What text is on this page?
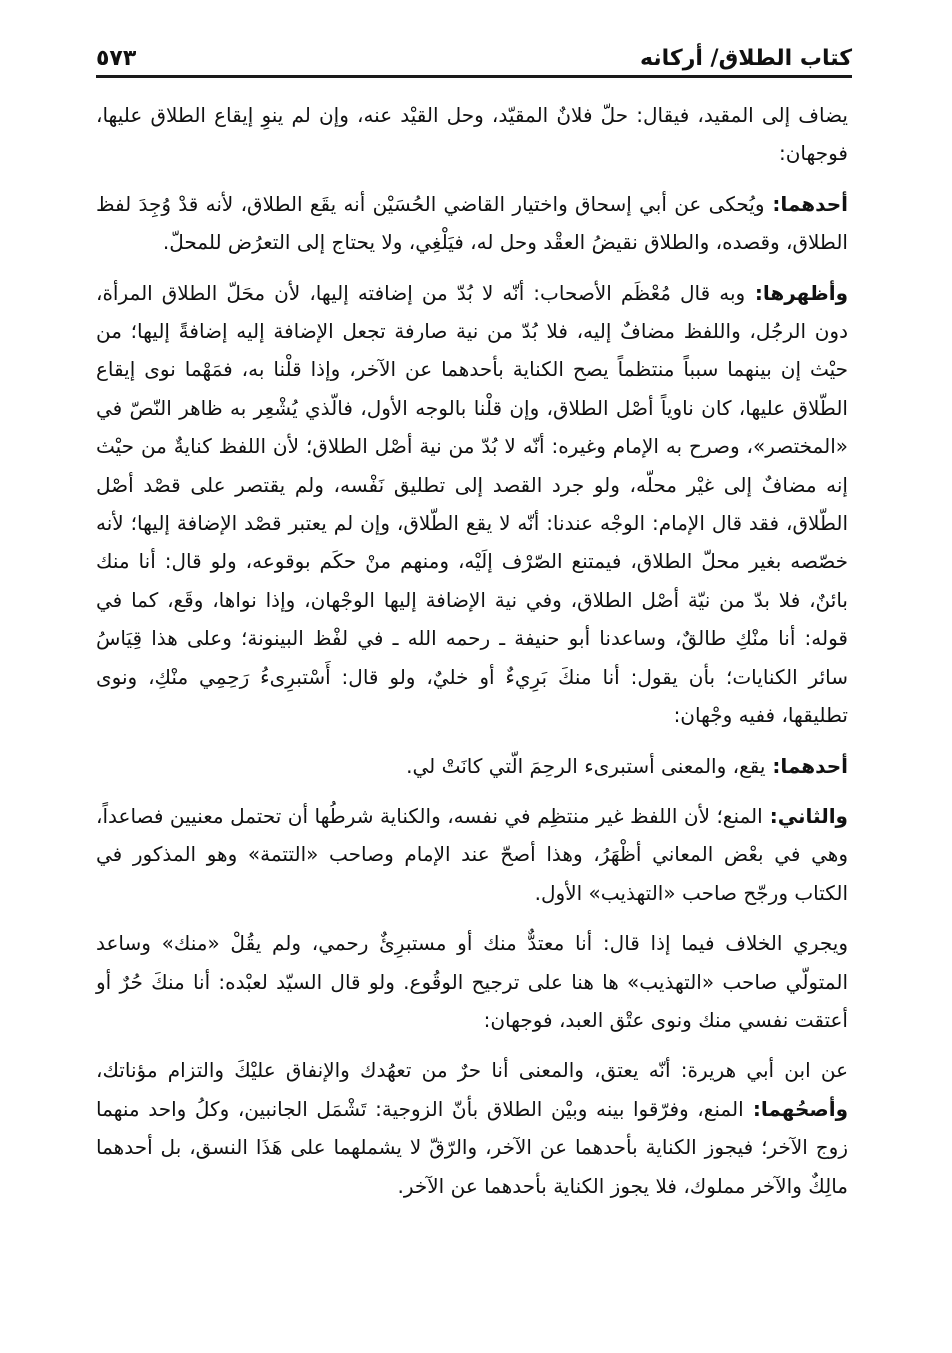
كتاب الطلاق/ أركانه
٥٧٣

يضاف إلى المقيد، فيقال: حلّ فلانٌ المقيّد، وحل القيْد عنه، وإن لم ينوِ إيقاع الطلاق عليها، فوجهان:

أحدهما: ويُحكى عن أبي إسحاق واختيار القاضي الحُسَيْن أنه يقَع الطلاق، لأنه قدْ وُجِدَ لفظ الطلاق، وقصده، والطلاق نقيضُ العقْد وحل له، فيَلْغِي، ولا يحتاج إلى التعرُض للمحلّ.

وأظهرها: وبه قال مُعْظَم الأصحاب: أنّه لا بُدّ من إضافته إليها، لأن محَلّ الطلاق المرأة، دون الرجُل، واللفظ مضافٌ إليه، فلا بُدّ من نية صارفة تجعل الإضافة إليه إضافةً إليها؛ من حيْث إن بينهما سبباً منتظماً يصح الكناية بأحدهما عن الآخر، وإذا قلْنا به، فمَهْما نوى إيقاع الطّلاق عليها، كان ناوياً أصْل الطلاق، وإن قلْنا بالوجه الأول، فالّذي يُشْعِر به ظاهر النّصّ في «المختصر»، وصرح به الإمام وغيره: أنّه لا بُدّ من نية أصْل الطلاق؛ لأن اللفظ كنايةٌ من حيْث إنه مضافٌ إلى غيْر محلّه، ولو جرد القصد إلى تطليق نَفْسه، ولم يقتصر على قصْد أصْل الطّلاق، فقد قال الإمام: الوجْه عندنا: أنّه لا يقع الطّلاق، وإن لم يعتبر قصْد الإضافة إليها؛ لأنه خصّصه بغير محلّ الطلاق، فيمتنع الصّرْف إلَيْه، ومنهم منْ حكَم بوقوعه، ولو قال: أنا منك بائنٌ، فلا بدّ من نيّة أصْل الطلاق، وفي نية الإضافة إليها الوجْهان، وإذا نواها، وقَع، كما في قوله: أنا منْكِ طالقٌ، وساعدنا أبو حنيفة ـ رحمه الله ـ في لفْظ البينونة؛ وعلى هذا قِيَاسُ سائر الكنايات؛ بأن يقول: أنا منكَ بَرِيءٌ أو خليٌ، ولو قال: أَسْتبرِىءُ رَحِمِي منْكِ، ونوى تطليقها، ففيه وجْهان:

أحدهما: يقع، والمعنى أستبرىء الرحِمَ الّتي كانَتْ لي.

والثاني: المنع؛ لأن اللفظ غير منتظِم في نفسه، والكناية شرطُها أن تحتمل معنيين فصاعداً، وهي في بعْض المعاني أظْهَرُ، وهذا أصحّ عند الإمام وصاحب «التتمة» وهو المذكور في الكتاب ورجّح صاحب «التهذيب» الأول.

ويجري الخلاف فيما إذا قال: أنا معتدٌّ منك أو مستبرِئٌ رحمي، ولم يقُلْ «منك» وساعد المتولّي صاحب «التهذيب» ها هنا على ترجيح الوقُوع. ولو قال السيّد لعبْده: أنا منكَ حُرٌ أو أعتقت نفسي منك ونوى عتْق العبد، فوجهان:

عن ابن أبي هريرة: أنّه يعتق، والمعنى أنا حرٌ من تعهُدك والإنفاق عليْكَ والتزام مؤناتك، وأصحُهما: المنع، وفرّقوا بينه وبيْن الطلاق بأنّ الزوجية: تَشْمَل الجانبين، وكلُ واحد منهما زوج الآخر؛ فيجوز الكناية بأحدهما عن الآخر، والرّقّ لا يشملهما على هَذَا النسق، بل أحدهما مالِكٌ والآخر مملوك، فلا يجوز الكناية بأحدهما عن الآخر.
